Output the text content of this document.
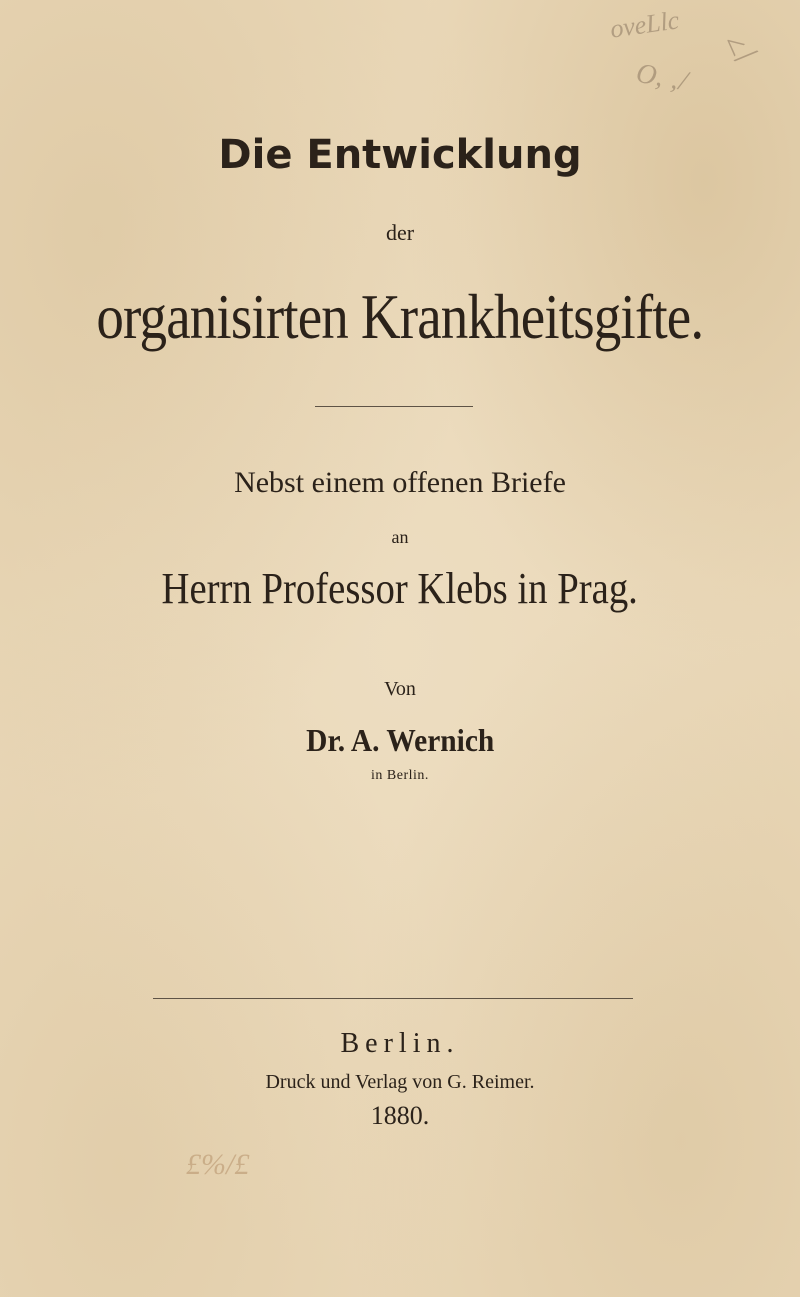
oveLlc </
O, ‚/
£%/£
Die Entwicklung
der
organisirten Krankheitsgifte.
Nebst einem offenen Briefe
an
Herrn Professor Klebs in Prag.
Von
Dr. A. Wernich
in Berlin.
Berlin.
Druck und Verlag von G. Reimer.
1880.
